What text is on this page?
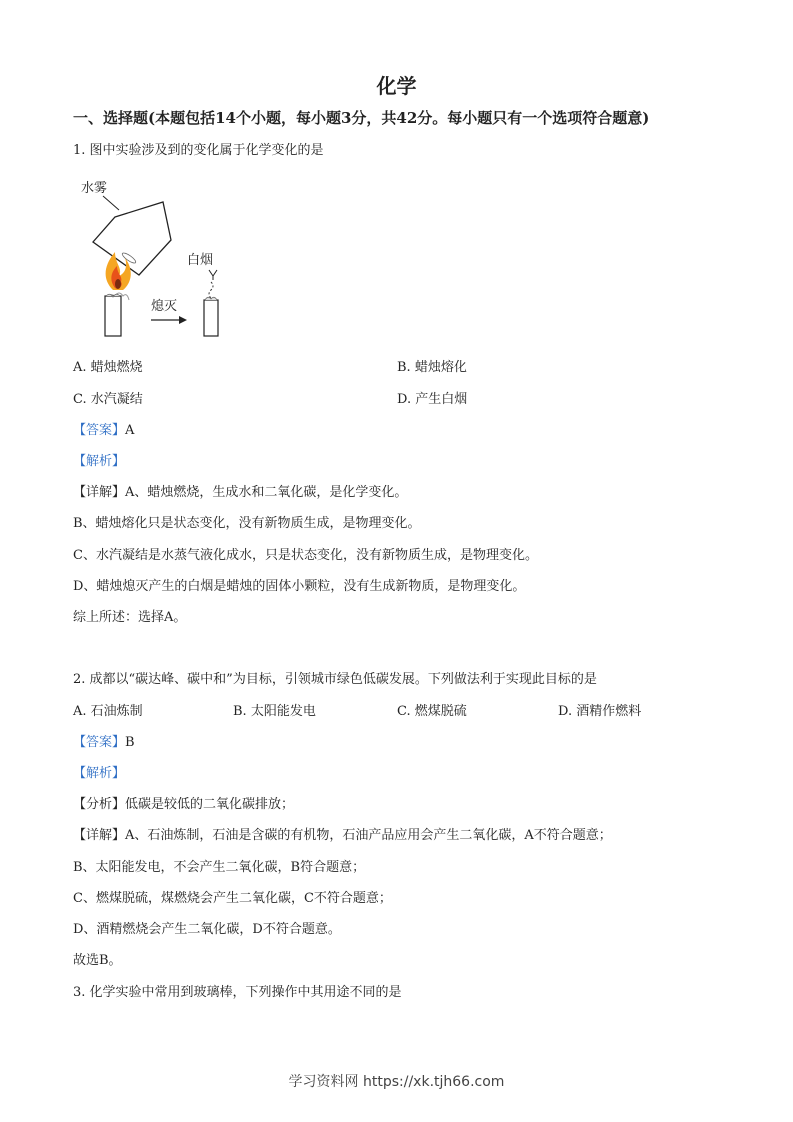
化学
一、选择题(本题包括14个小题，每小题3分，共42分。每小题只有一个选项符合题意)
1. 图中实验涉及到的变化属于化学变化的是
水雾
白烟
熄灭
A. 蜡烛燃烧	B. 蜡烛熔化
C. 水汽凝结	D. 产生白烟
【答案】A
【解析】
【详解】A、蜡烛燃烧，生成水和二氧化碳，是化学变化。
B、蜡烛熔化只是状态变化，没有新物质生成，是物理变化。
C、水汽凝结是水蒸气液化成水，只是状态变化，没有新物质生成，是物理变化。
D、蜡烛熄灭产生的白烟是蜡烛的固体小颗粒，没有生成新物质，是物理变化。
综上所述：选择A。
2. 成都以“碳达峰、碳中和”为目标，引领城市绿色低碳发展。下列做法利于实现此目标的是
A. 石油炼制	B. 太阳能发电	C. 燃煤脱硫	D. 酒精作燃料
【答案】B
【解析】
【分析】低碳是较低的二氧化碳排放；
【详解】A、石油炼制，石油是含碳的有机物，石油产品应用会产生二氧化碳，A不符合题意；
B、太阳能发电，不会产生二氧化碳，B符合题意；
C、燃煤脱硫，煤燃烧会产生二氧化碳，C不符合题意；
D、酒精燃烧会产生二氧化碳，D不符合题意。
故选B。
3. 化学实验中常用到玻璃棒，下列操作中其用途不同的是
学习资料网 https://xk.tjh66.com
